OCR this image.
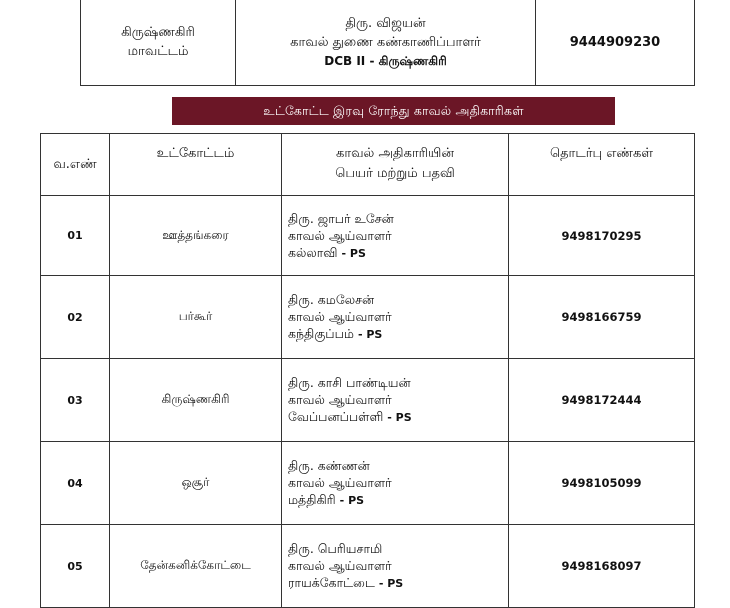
கிருஷ்ணகிரி
மாவட்டம்

திரு. விஜயன்
காவல் துணை கண்காணிப்பாளர்
DCB II - கிருஷ்ணகிரி
	9444909230
உட்கோட்ட இரவு ரோந்து காவல் அதிகாரிகள்
வ.எண்	உட்கோட்டம்	காவல் அதிகாரியின்
பெயர் மற்றும் பதவி	தொடர்பு எண்கள்
01	ஊத்தங்கரை	திரு. ஜாபர் உசேன்
காவல் ஆய்வாளர்
கல்லாவி - PS	9498170295
02	பர்கூர்	திரு. கமலேசன்
காவல் ஆய்வாளர்
கந்திகுப்பம் - PS	9498166759
03	கிருஷ்ணகிரி	திரு. காசி பாண்டியன்
காவல் ஆய்வாளர்
வேப்பனப்பள்ளி - PS	9498172444
04	ஒசூர்	திரு. கண்ணன்
காவல் ஆய்வாளர்
மத்திகிரி - PS	9498105099
05	தேன்கனிக்கோட்டை	திரு. பெரியசாமி
காவல் ஆய்வாளர்
ராயக்கோட்டை - PS	9498168097
